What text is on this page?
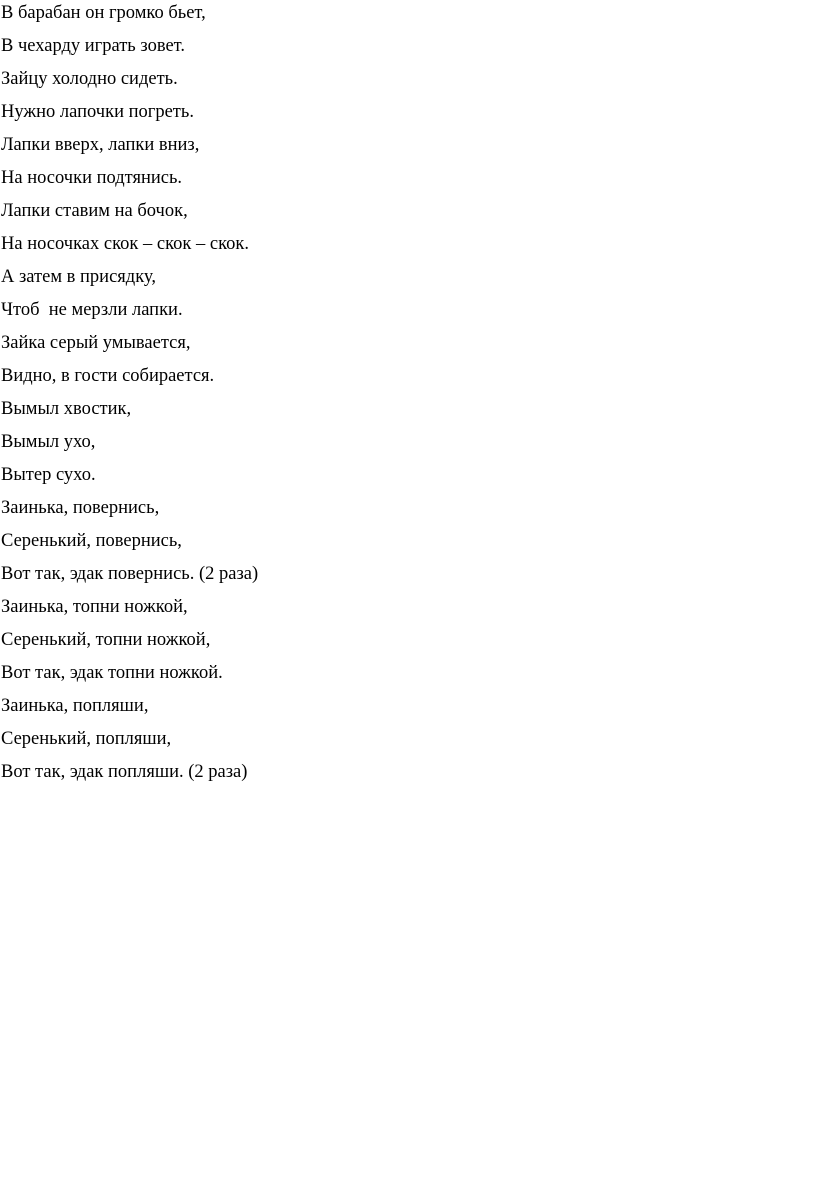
В барабан он громко бьет,

В чехарду играть зовет.

Зайцу холодно сидеть.

Нужно лапочки погреть.

Лапки вверх, лапки вниз,

На носочки подтянись.

Лапки ставим на бочок,

На носочках скок – скок – скок.

А затем в присядку,

Чтоб  не мерзли лапки.

Зайка серый умывается,

Видно, в гости собирается.

Вымыл хвостик,

Вымыл ухо,

Вытер сухо.

Заинька, повернись,

Серенький, повернись,

Вот так, эдак повернись. (2 раза)

Заинька, топни ножкой,

Серенький, топни ножкой,

Вот так, эдак топни ножкой.

Заинька, попляши,

Серенький, попляши,

Вот так, эдак попляши. (2 раза)
